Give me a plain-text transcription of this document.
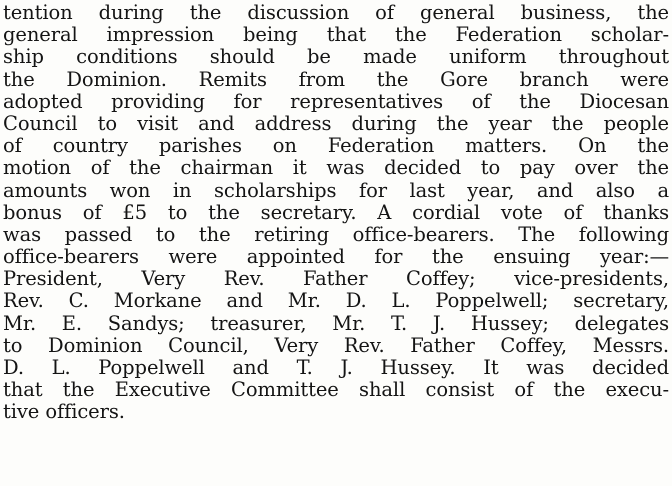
tention during the discussion of general business, the
general impression being that the Federation scholar-
ship conditions should be made uniform throughout
the Dominion. Remits from the Gore branch were
adopted providing for representatives of the Diocesan
Council to visit and address during the year the people
of country parishes on Federation matters. On the
motion of the chairman it was decided to pay over the
amounts won in scholarships for last year, and also a
bonus of £5 to the secretary. A cordial vote of thanks
was passed to the retiring office-bearers. The following
office-bearers were appointed for the ensuing year:—
President, Very Rev. Father Coffey; vice-presidents,
Rev. C. Morkane and Mr. D. L. Poppelwell; secretary,
Mr. E. Sandys; treasurer, Mr. T. J. Hussey; delegates
to Dominion Council, Very Rev. Father Coffey, Messrs.
D. L. Poppelwell and T. J. Hussey. It was decided
that the Executive Committee shall consist of the execu-
tive officers.
